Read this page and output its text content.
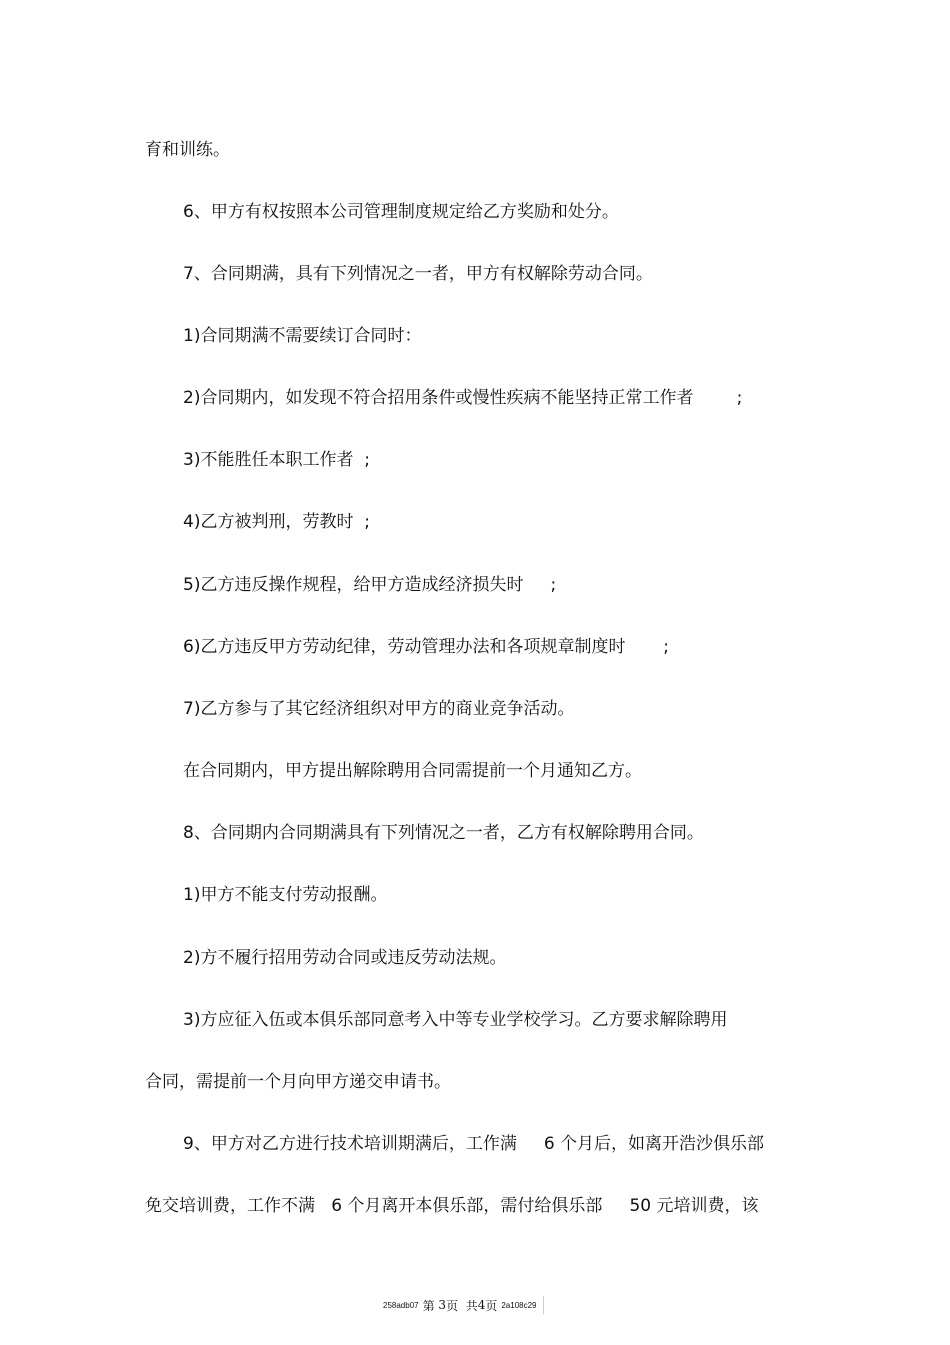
育和训练。
6、甲方有权按照本公司管理制度规定给乙方奖励和处分。
7、合同期满，具有下列情况之一者，甲方有权解除劳动合同。
1)合同期满不需要续订合同时：
2)合同期内，如发现不符合招用条件或慢性疾病不能坚持正常工作者        ;
3)不能胜任本职工作者  ;
4)乙方被判刑，劳教时  ;
5)乙方违反操作规程，给甲方造成经济损失时     ;
6)乙方违反甲方劳动纪律，劳动管理办法和各项规章制度时       ;
7)乙方参与了其它经济组织对甲方的商业竞争活动。
在合同期内，甲方提出解除聘用合同需提前一个月通知乙方。
8、合同期内合同期满具有下列情况之一者，乙方有权解除聘用合同。
1)甲方不能支付劳动报酬。
2)方不履行招用劳动合同或违反劳动法规。
3)方应征入伍或本俱乐部同意考入中等专业学校学习。乙方要求解除聘用
合同，需提前一个月向甲方递交申请书。
9、甲方对乙方进行技术培训期满后，工作满     6 个月后，如离开浩沙俱乐部
免交培训费，工作不满   6 个月离开本俱乐部，需付给俱乐部     50 元培训费，该
258adb07 第 3 页  共 4 页 2a108c29
